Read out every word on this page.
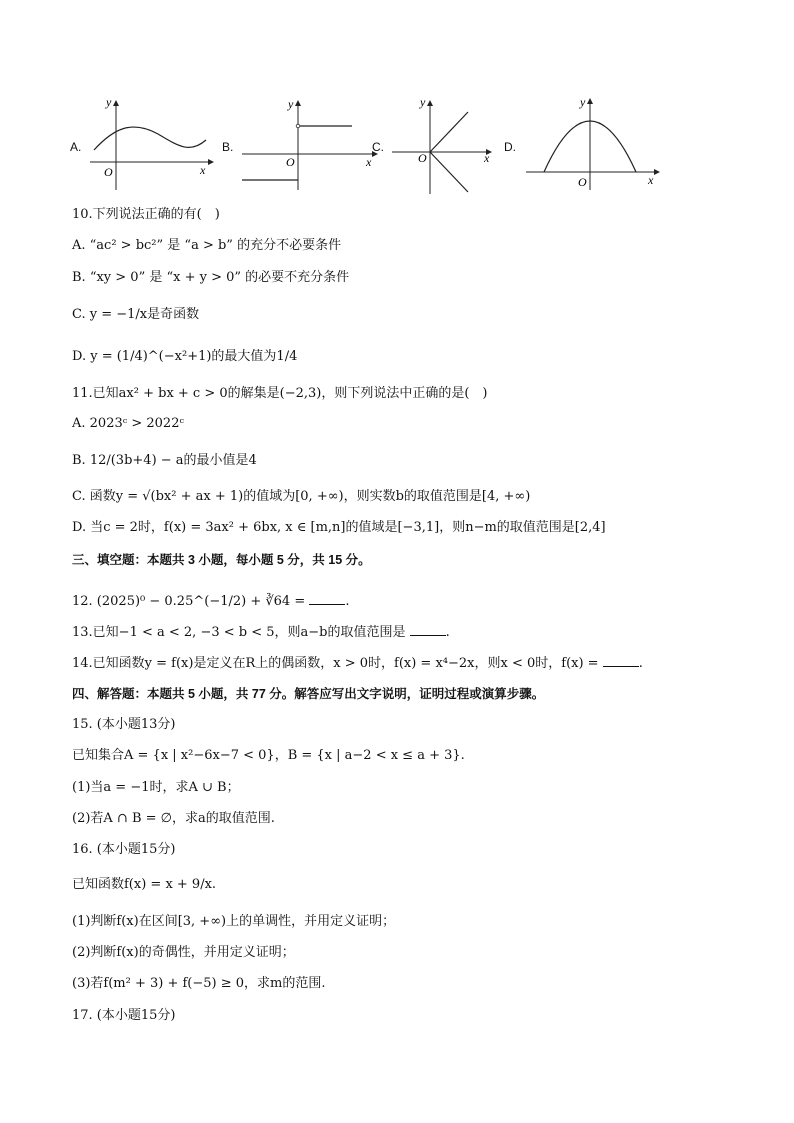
A.
y
x
O
B.
y
x
O
C.
y
x
O
D.
y
x
O
10.下列说法正确的有(　)
A. “ac² > bc²” 是 “a > b” 的充分不必要条件
B. “xy > 0” 是 “x + y > 0” 的必要不充分条件
C. y = −1/x是奇函数
D. y = (1/4)^(−x²+1)的最大值为1/4
11.已知ax² + bx + c > 0的解集是(−2,3)，则下列说法中正确的是(　)
A. 2023ᶜ > 2022ᶜ
B. 12/(3b+4) − a的最小值是4
C. 函数y = √(bx² + ax + 1)的值域为[0, +∞)，则实数b的取值范围是[4, +∞)
D. 当c = 2时，f(x) = 3ax² + 6bx, x ∈ [m,n]的值域是[−3,1]，则n−m的取值范围是[2,4]
三、填空题：本题共 3 小题，每小题 5 分，共 15 分。
12. (2025)⁰ − 0.25^(−1/2) + ∛64 =	.
13.已知−1 < a < 2, −3 < b < 5，则a−b的取值范围是	.
14.已知函数y = f(x)是定义在R上的偶函数，x > 0时，f(x) = x⁴−2x，则x < 0时，f(x) =	.
四、解答题：本题共 5 小题，共 77 分。解答应写出文字说明，证明过程或演算步骤。
15. (本小题13分)
已知集合A = {x | x²−6x−7 < 0}，B = {x | a−2 < x ≤ a + 3}.
(1)当a = −1时，求A ∪ B；
(2)若A ∩ B = ∅，求a的取值范围.
16. (本小题15分)
已知函数f(x) = x + 9/x.
(1)判断f(x)在区间[3, +∞)上的单调性，并用定义证明；
(2)判断f(x)的奇偶性，并用定义证明；
(3)若f(m² + 3) + f(−5) ≥ 0，求m的范围.
17. (本小题15分)
